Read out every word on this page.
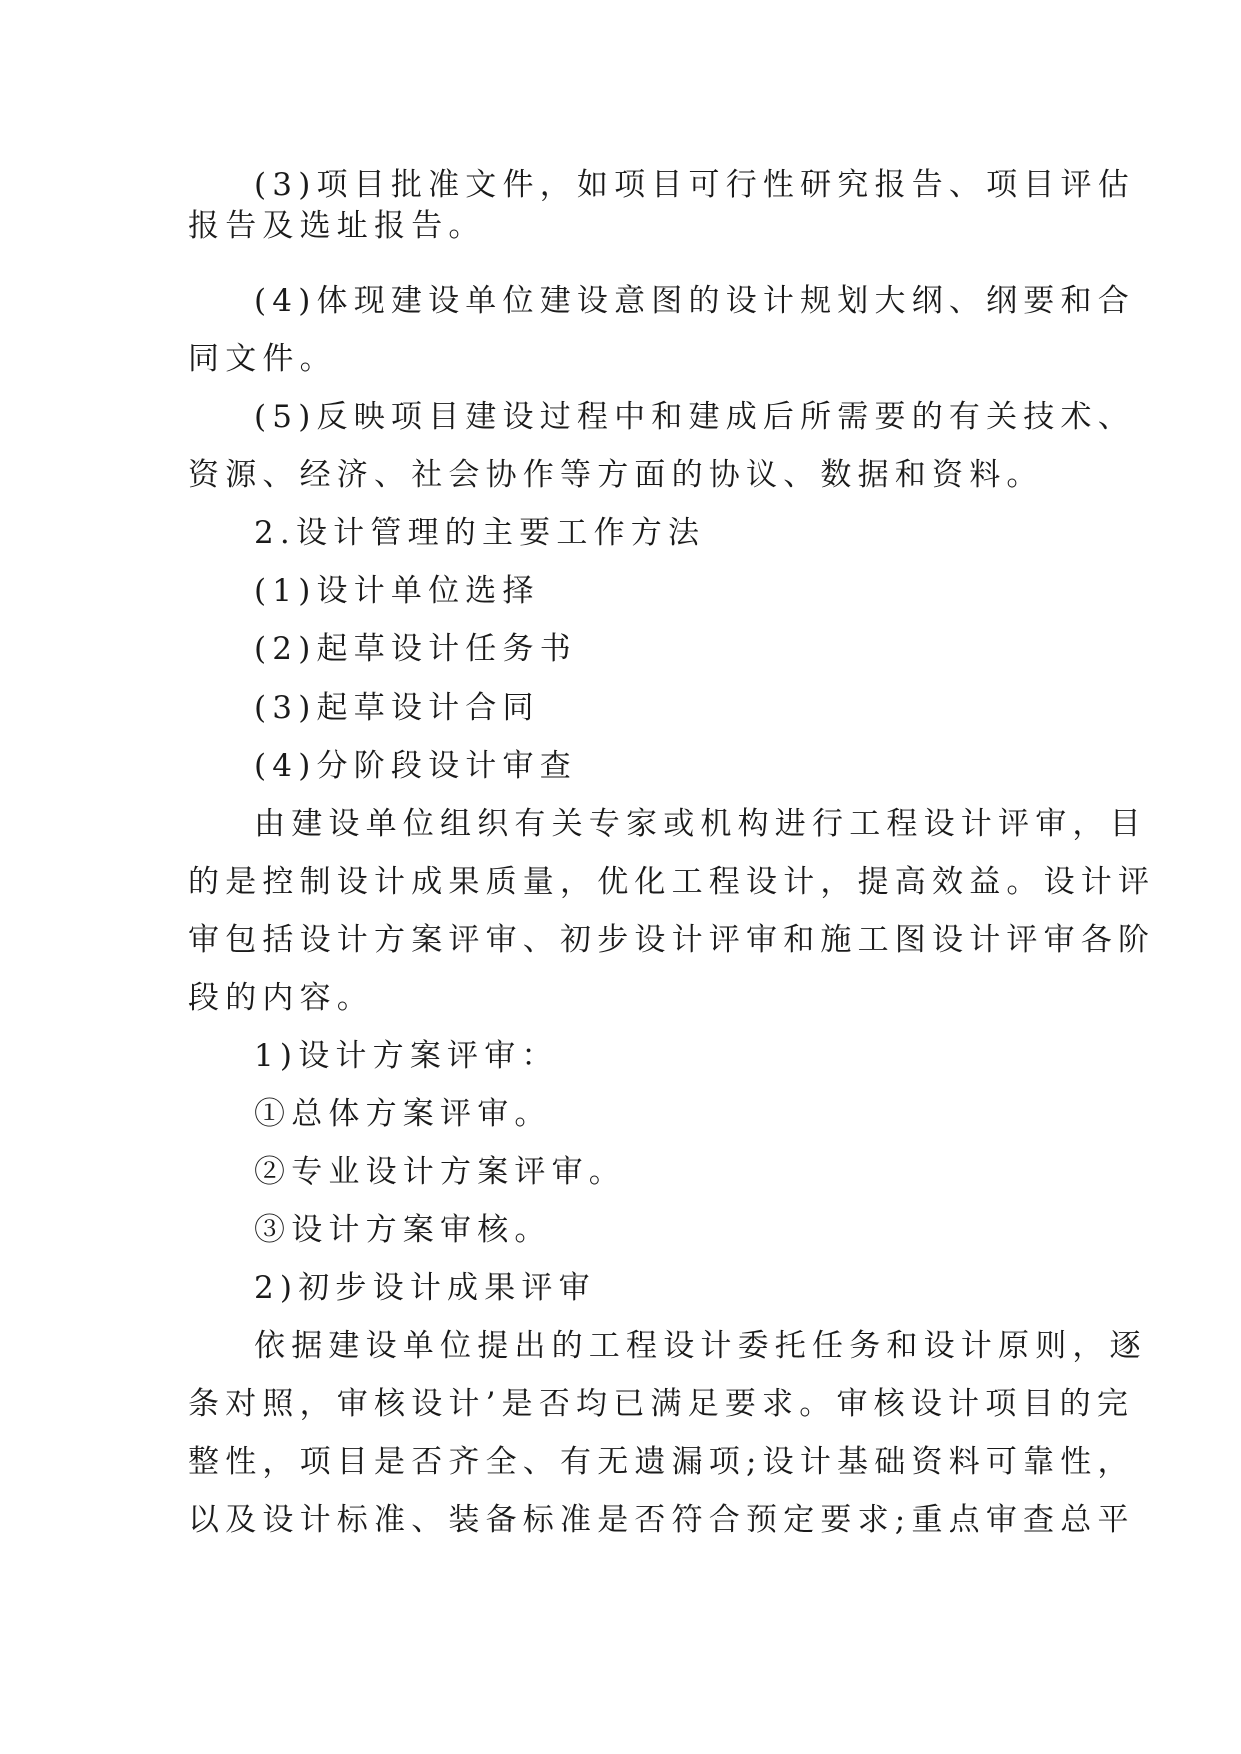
(3)项目批准文件，如项目可行性研究报告、项目评估
报告及选址报告。
(4)体现建设单位建设意图的设计规划大纲、纲要和合
同文件。
(5)反映项目建设过程中和建成后所需要的有关技术、
资源、经济、社会协作等方面的协议、数据和资料。
2.设计管理的主要工作方法
(1)设计单位选择
(2)起草设计任务书
(3)起草设计合同
(4)分阶段设计审查
由建设单位组织有关专家或机构进行工程设计评审，目
的是控制设计成果质量，优化工程设计，提高效益。设计评
审包括设计方案评审、初步设计评审和施工图设计评审各阶
段的内容。
1)设计方案评审：
①总体方案评审。
②专业设计方案评审。
③设计方案审核。
2)初步设计成果评审
依据建设单位提出的工程设计委托任务和设计原则，逐
条对照，审核设计’是否均已满足要求。审核设计项目的完
整性，项目是否齐全、有无遗漏项;设计基础资料可靠性，
以及设计标准、装备标准是否符合预定要求;重点审查总平
